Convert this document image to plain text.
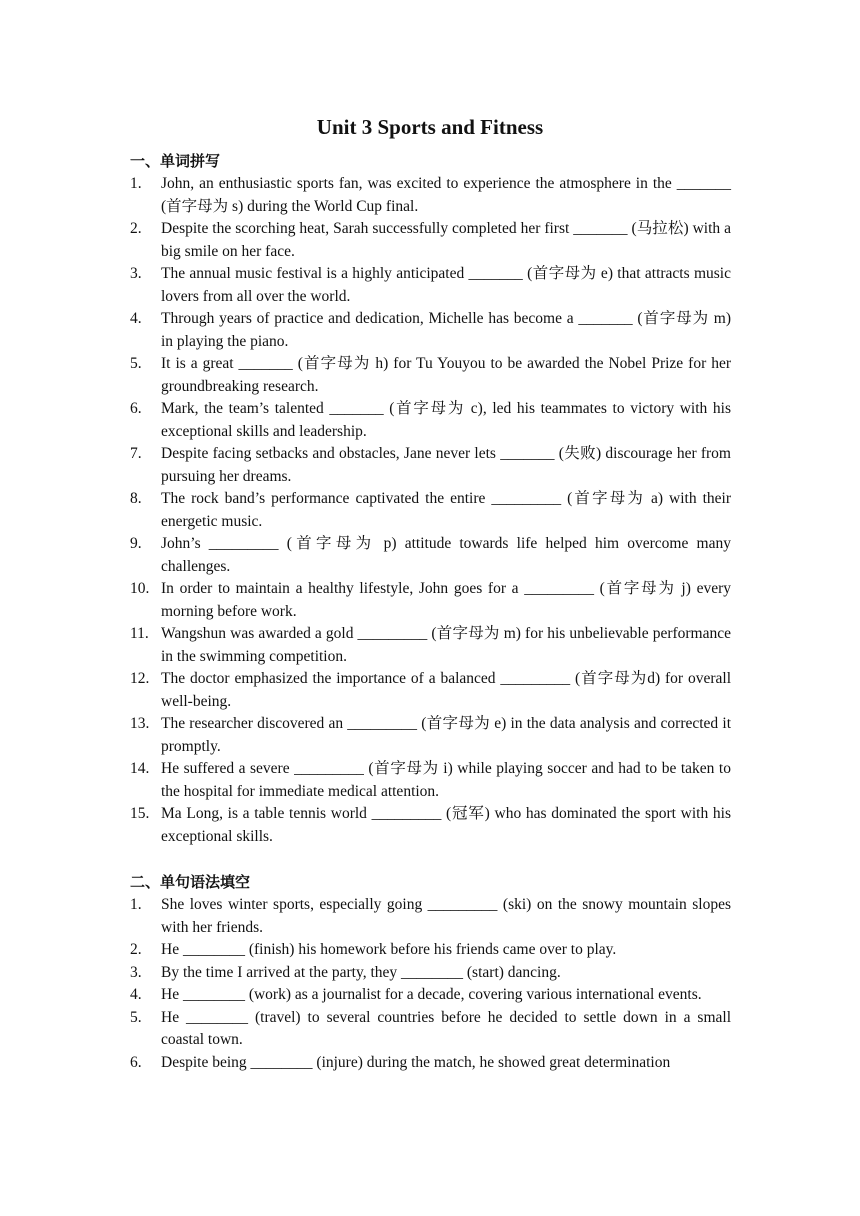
Unit 3 Sports and Fitness
一、单词拼写
1. John, an enthusiastic sports fan, was excited to experience the atmosphere in the _______ (首字母为 s) during the World Cup final.
2. Despite the scorching heat, Sarah successfully completed her first _______ (马拉松) with a big smile on her face.
3. The annual music festival is a highly anticipated _______ (首字母为 e) that attracts music lovers from all over the world.
4. Through years of practice and dedication, Michelle has become a _______ (首字母为 m) in playing the piano.
5. It is a great _______ (首字母为 h) for Tu Youyou to be awarded the Nobel Prize for her groundbreaking research.
6. Mark, the team’s talented _______ (首字母为 c), led his teammates to victory with his exceptional skills and leadership.
7. Despite facing setbacks and obstacles, Jane never lets _______ (失败) discourage her from pursuing her dreams.
8. The rock band’s performance captivated the entire _________ (首字母为 a) with their energetic music.
9. John’s _________ (首字母为 p) attitude towards life helped him overcome many challenges.
10. In order to maintain a healthy lifestyle, John goes for a _________ (首字母为 j) every morning before work.
11. Wangshun was awarded a gold _________ (首字母为 m) for his unbelievable performance in the swimming competition.
12. The doctor emphasized the importance of a balanced _________ (首字母为d) for overall well-being.
13. The researcher discovered an _________ (首字母为 e) in the data analysis and corrected it promptly.
14. He suffered a severe _________ (首字母为 i) while playing soccer and had to be taken to the hospital for immediate medical attention.
15. Ma Long, is a table tennis world _________ (冠军) who has dominated the sport with his exceptional skills.
二、单句语法填空
1. She loves winter sports, especially going _________ (ski) on the snowy mountain slopes with her friends.
2. He ________ (finish) his homework before his friends came over to play.
3. By the time I arrived at the party, they ________ (start) dancing.
4. He ________ (work) as a journalist for a decade, covering various international events.
5. He ________ (travel) to several countries before he decided to settle down in a small coastal town.
6. Despite being ________ (injure) during the match, he showed great determination
